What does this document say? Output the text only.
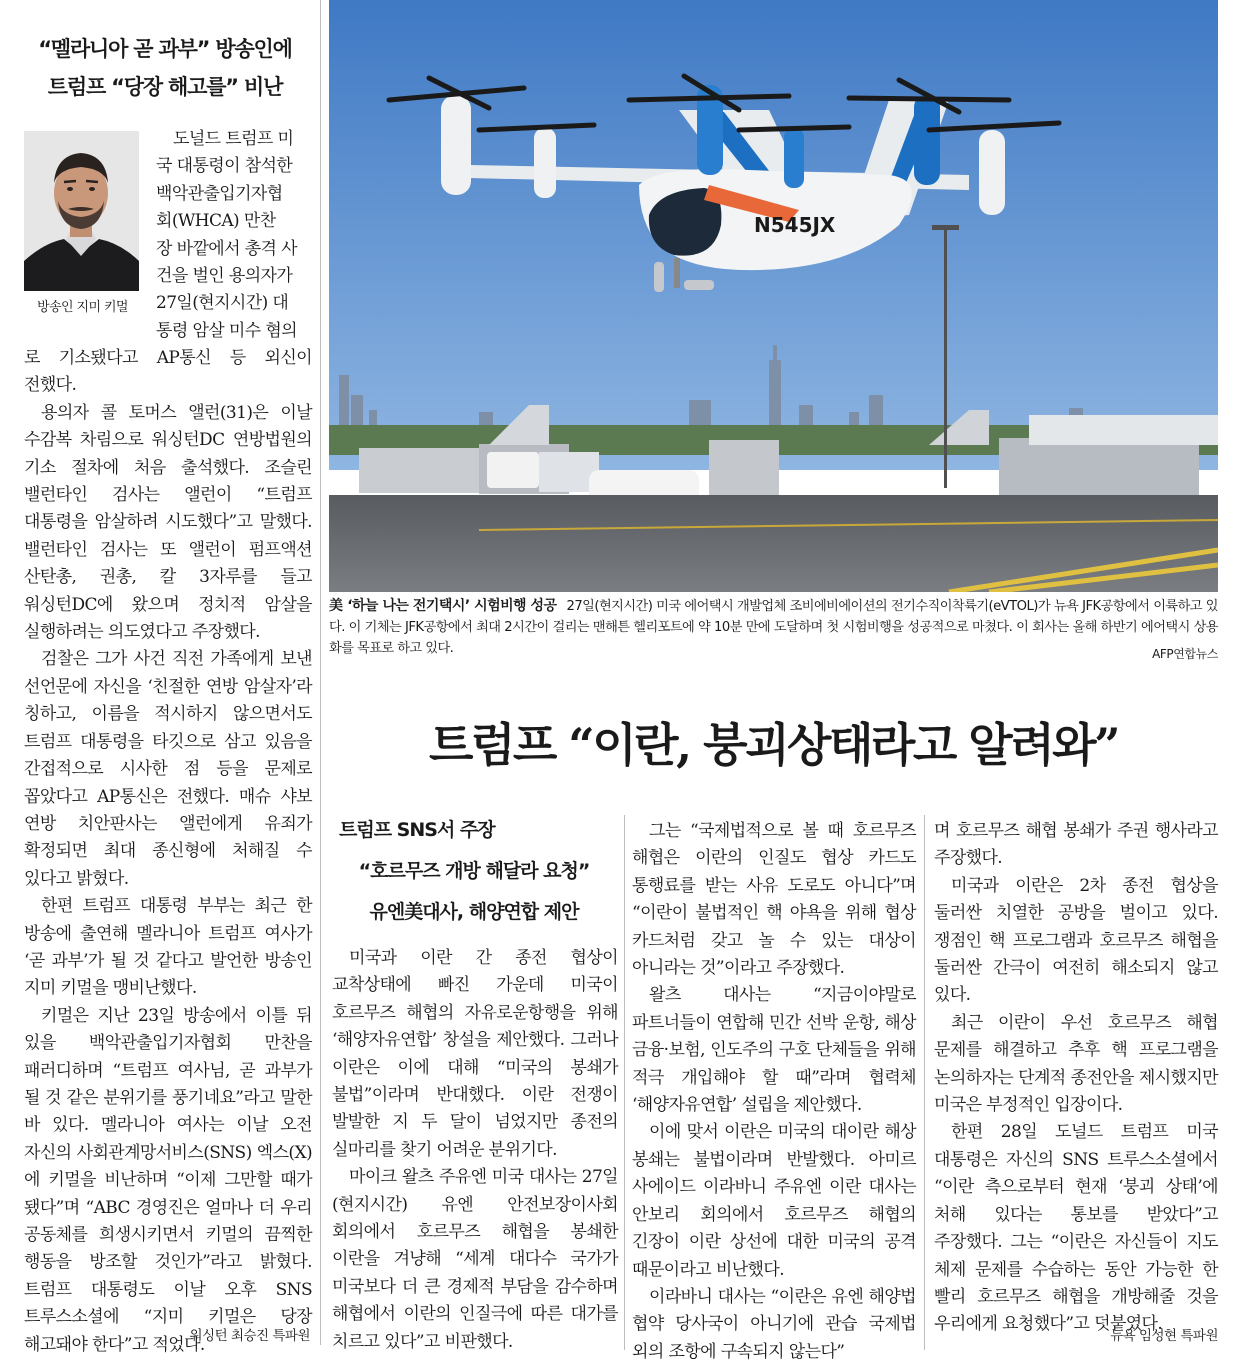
“멜라니아 곧 과부” 방송인에
트럼프 “당장 해고를” 비난
방송인 지미 키멀
도널드 트럼프 미
국 대통령이 참석한
백악관출입기자협
회(WHCA) 만찬
장 바깥에서 총격 사
건을 벌인 용의자가
27일(현지시간) 대
통령 암살 미수 혐의

로 기소됐다고 AP통신 등 외신이 전했다.

용의자 콜 토머스 앨런(31)은 이날 수감복 차림으로 워싱턴DC 연방법원의 기소 절차에 처음 출석했다. 조슬린 밸런타인 검사는 앨런이 “트럼프 대통령을 암살하려 시도했다”고 말했다. 밸런타인 검사는 또 앨런이 펌프액션 산탄총, 권총, 칼 3자루를 들고 워싱턴DC에 왔으며 정치적 암살을 실행하려는 의도였다고 주장했다.

검찰은 그가 사건 직전 가족에게 보낸 선언문에 자신을 ‘친절한 연방 암살자’라 칭하고, 이름을 적시하지 않으면서도 트럼프 대통령을 타깃으로 삼고 있음을 간접적으로 시사한 점 등을 문제로 꼽았다고 AP통신은 전했다. 매슈 샤보 연방 치안판사는 앨런에게 유죄가 확정되면 최대 종신형에 처해질 수 있다고 밝혔다.

한편 트럼프 대통령 부부는 최근 한 방송에 출연해 멜라니아 트럼프 여사가 ‘곧 과부’가 될 것 같다고 발언한 방송인 지미 키멀을 맹비난했다.

키멀은 지난 23일 방송에서 이틀 뒤 있을 백악관출입기자협회 만찬을 패러디하며 “트럼프 여사님, 곧 과부가 될 것 같은 분위기를 풍기네요”라고 말한 바 있다. 멜라니아 여사는 이날 오전 자신의 사회관계망서비스(SNS) 엑스(X)에 키멀을 비난하며 “이제 그만할 때가 됐다”며 “ABC 경영진은 얼마나 더 우리 공동체를 희생시키면서 키멀의 끔찍한 행동을 방조할 것인가”라고 밝혔다. 트럼프 대통령도 이날 오후 SNS 트루스소셜에 “지미 키멀은 당장 해고돼야 한다”고 적었다.

워싱턴 최승진 특파원
N545JX
美 ‘하늘 나는 전기택시’ 시험비행 성공 27일(현지시간) 미국 에어택시 개발업체 조비에비에이션의 전기수직이착륙기(eVTOL)가 뉴욕 JFK공항에서 이륙하고 있다. 이 기체는 JFK공항에서 최대 2시간이 걸리는 맨해튼 헬리포트에 약 10분 만에 도달하며 첫 시험비행을 성공적으로 마쳤다. 이 회사는 올해 하반기 에어택시 상용화를 목표로 하고 있다.	AFP연합뉴스
트럼프 “이란, 붕괴상태라고 알려와”
트럼프 SNS서 주장
“호르무즈 개방 해달라 요청”
유엔美대사, 해양연합 제안

미국과 이란 간 종전 협상이 교착상태에 빠진 가운데 미국이 호르무즈 해협의 자유로운항행을 위해 ‘해양자유연합’ 창설을 제안했다. 그러나 이란은 이에 대해 “미국의 봉쇄가 불법”이라며 반대했다. 이란 전쟁이 발발한 지 두 달이 넘었지만 종전의 실마리를 찾기 어려운 분위기다.

마이크 왈츠 주유엔 미국 대사는 27일(현지시간) 유엔 안전보장이사회 회의에서 호르무즈 해협을 봉쇄한 이란을 겨냥해 “세계 대다수 국가가 미국보다 더 큰 경제적 부담을 감수하며 해협에서 이란의 인질극에 따른 대가를 치르고 있다”고 비판했다.

그는 “국제법적으로 볼 때 호르무즈 해협은 이란의 인질도 협상 카드도 통행료를 받는 사유 도로도 아니다”며 “이란이 불법적인 핵 야욕을 위해 협상 카드처럼 갖고 놀 수 있는 대상이 아니라는 것”이라고 주장했다.

왈츠 대사는 “지금이야말로 파트너들이 연합해 민간 선박 운항, 해상 금융·보험, 인도주의 구호 단체들을 위해 적극 개입해야 할 때”라며 협력체 ‘해양자유연합’ 설립을 제안했다.

이에 맞서 이란은 미국의 대이란 해상 봉쇄는 불법이라며 반발했다. 아미르 사에이드 이라바니 주유엔 이란 대사는 안보리 회의에서 호르무즈 해협의 긴장이 이란 상선에 대한 미국의 공격 때문이라고 비난했다.

이라바니 대사는 “이란은 유엔 해양법 협약 당사국이 아니기에 관습 국제법 외의 조항에 구속되지 않는다”

며 호르무즈 해협 봉쇄가 주권 행사라고 주장했다.

미국과 이란은 2차 종전 협상을 둘러싼 치열한 공방을 벌이고 있다. 쟁점인 핵 프로그램과 호르무즈 해협을 둘러싼 간극이 여전히 해소되지 않고 있다.

최근 이란이 우선 호르무즈 해협 문제를 해결하고 추후 핵 프로그램을 논의하자는 단계적 종전안을 제시했지만 미국은 부정적인 입장이다.

한편 28일 도널드 트럼프 미국 대통령은 자신의 SNS 트루스소셜에서 “이란 측으로부터 현재 ‘붕괴 상태’에 처해 있다는 통보를 받았다”고 주장했다. 그는 “이란은 자신들이 지도 체제 문제를 수습하는 동안 가능한 한 빨리 호르무즈 해협을 개방해줄 것을 우리에게 요청했다”고 덧붙였다.

뉴욕 임성현 특파원
